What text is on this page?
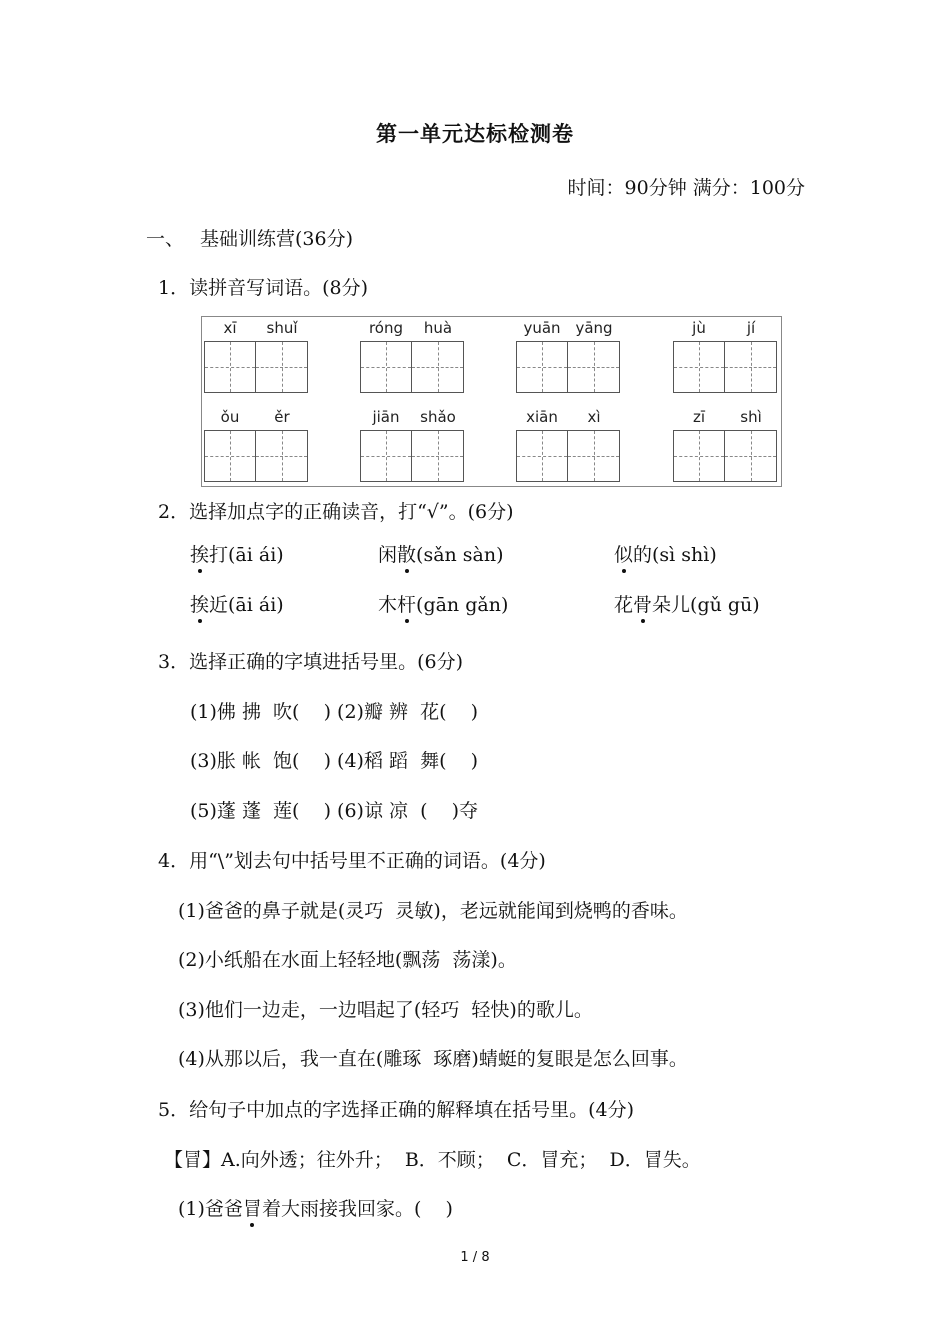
第一单元达标检测卷
时间：90分钟 满分：100分
一、 基础训练营(36分)
1．读拼音写词语。(8分)
xī	shuǐ	róng	huà	yuān yāng	jù	jí
ǒu	ěr	jiān	shǎo	xiān	xì	zī	shì
2．选择加点字的正确读音，打“√”。(6分)
挨打(āi ái)	闲散(sǎn sàn)	似的(sì shì)
挨近(āi ái)	木杆(gān gǎn)	花骨朵儿(gǔ gū)
3．选择正确的字填进括号里。(6分)
(1)佛 拂  吹(    ) (2)瓣 辨  花(    )
(3)胀 帐  饱(    ) (4)稻 蹈  舞(    )
(5)蓬 蓬  莲(    ) (6)谅 凉  (    )夺
4．用“\”划去句中括号里不正确的词语。(4分)
(1)爸爸的鼻子就是(灵巧  灵敏)，老远就能闻到烧鸭的香味。
(2)小纸船在水面上轻轻地(飘荡  荡漾)。
(3)他们一边走，一边唱起了(轻巧  轻快)的歌儿。
(4)从那以后，我一直在(雕琢  琢磨)蜻蜓的复眼是怎么回事。
5．给句子中加点的字选择正确的解释填在括号里。(4分)
【冒】A.向外透；往外升；  B．不顾；  C．冒充；  D．冒失。
(1)爸爸冒着大雨接我回家。(    )
1 / 8
